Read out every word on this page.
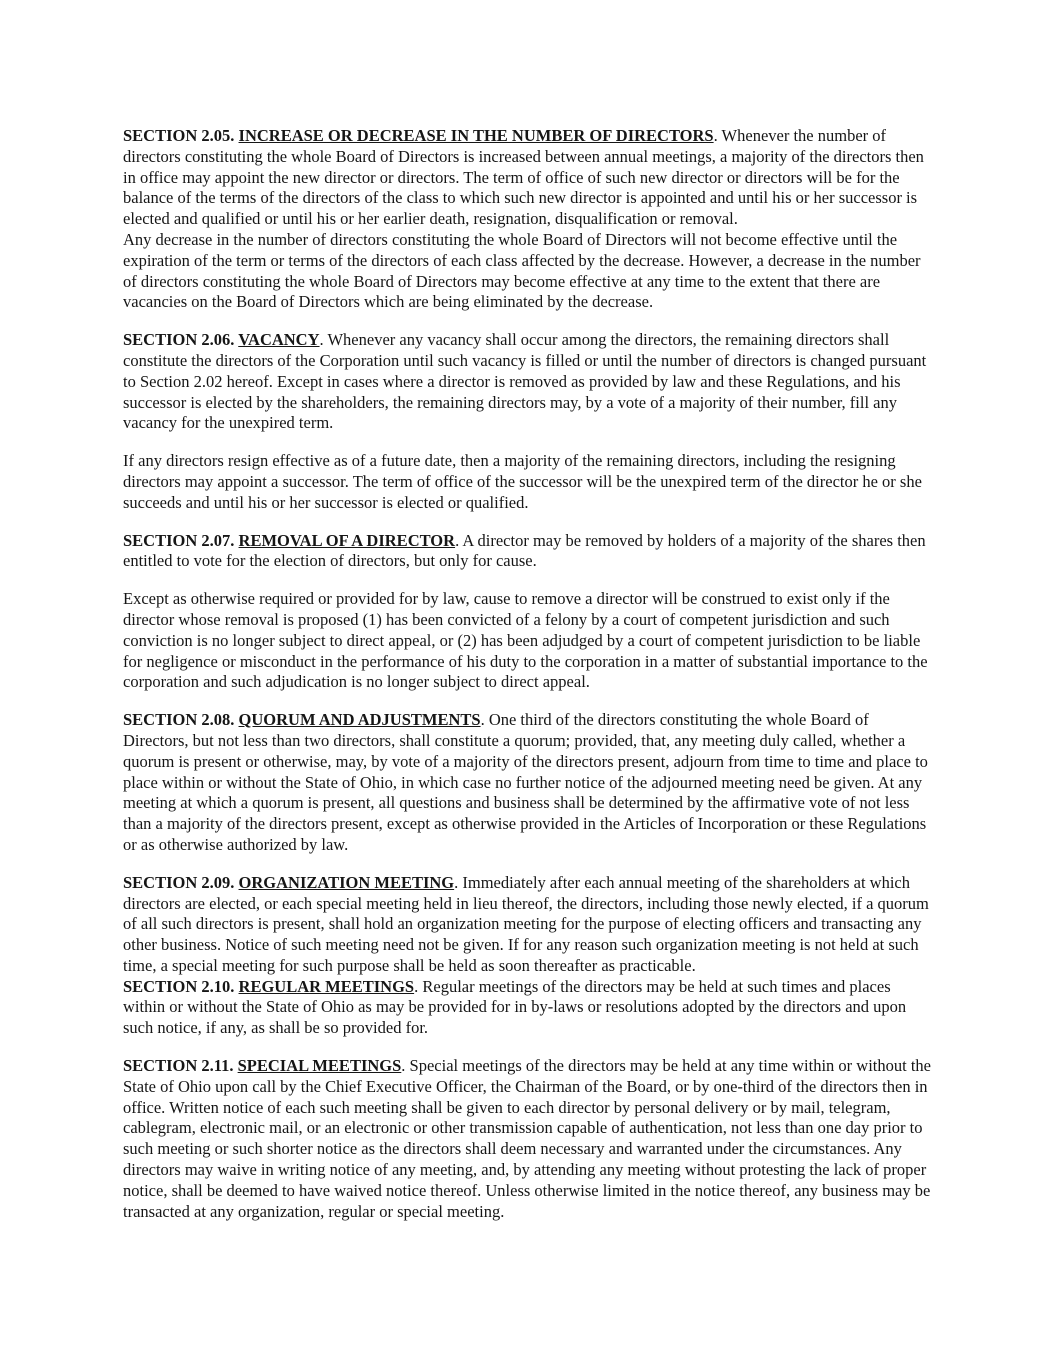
SECTION 2.05. INCREASE OR DECREASE IN THE NUMBER OF DIRECTORS. Whenever the number of directors constituting the whole Board of Directors is increased between annual meetings, a majority of the directors then in office may appoint the new director or directors. The term of office of such new director or directors will be for the balance of the terms of the directors of the class to which such new director is appointed and until his or her successor is elected and qualified or until his or her earlier death, resignation, disqualification or removal.
Any decrease in the number of directors constituting the whole Board of Directors will not become effective until the expiration of the term or terms of the directors of each class affected by the decrease. However, a decrease in the number of directors constituting the whole Board of Directors may become effective at any time to the extent that there are vacancies on the Board of Directors which are being eliminated by the decrease.

SECTION 2.06. VACANCY. Whenever any vacancy shall occur among the directors, the remaining directors shall constitute the directors of the Corporation until such vacancy is filled or until the number of directors is changed pursuant to Section 2.02 hereof. Except in cases where a director is removed as provided by law and these Regulations, and his successor is elected by the shareholders, the remaining directors may, by a vote of a majority of their number, fill any vacancy for the unexpired term.

If any directors resign effective as of a future date, then a majority of the remaining directors, including the resigning directors may appoint a successor. The term of office of the successor will be the unexpired term of the director he or she succeeds and until his or her successor is elected or qualified.

SECTION 2.07. REMOVAL OF A DIRECTOR. A director may be removed by holders of a majority of the shares then entitled to vote for the election of directors, but only for cause.

Except as otherwise required or provided for by law, cause to remove a director will be construed to exist only if the director whose removal is proposed (1) has been convicted of a felony by a court of competent jurisdiction and such conviction is no longer subject to direct appeal, or (2) has been adjudged by a court of competent jurisdiction to be liable for negligence or misconduct in the performance of his duty to the corporation in a matter of substantial importance to the corporation and such adjudication is no longer subject to direct appeal.

SECTION 2.08. QUORUM AND ADJUSTMENTS. One third of the directors constituting the whole Board of Directors, but not less than two directors, shall constitute a quorum; provided, that, any meeting duly called, whether a quorum is present or otherwise, may, by vote of a majority of the directors present, adjourn from time to time and place to place within or without the State of Ohio, in which case no further notice of the adjourned meeting need be given. At any meeting at which a quorum is present, all questions and business shall be determined by the affirmative vote of not less than a majority of the directors present, except as otherwise provided in the Articles of Incorporation or these Regulations or as otherwise authorized by law.

SECTION 2.09. ORGANIZATION MEETING. Immediately after each annual meeting of the shareholders at which directors are elected, or each special meeting held in lieu thereof, the directors, including those newly elected, if a quorum of all such directors is present, shall hold an organization meeting for the purpose of electing officers and transacting any other business. Notice of such meeting need not be given. If for any reason such organization meeting is not held at such time, a special meeting for such purpose shall be held as soon thereafter as practicable.
SECTION 2.10. REGULAR MEETINGS. Regular meetings of the directors may be held at such times and places within or without the State of Ohio as may be provided for in by-laws or resolutions adopted by the directors and upon such notice, if any, as shall be so provided for.

SECTION 2.11. SPECIAL MEETINGS. Special meetings of the directors may be held at any time within or without the State of Ohio upon call by the Chief Executive Officer, the Chairman of the Board, or by one-third of the directors then in office. Written notice of each such meeting shall be given to each director by personal delivery or by mail, telegram, cablegram, electronic mail, or an electronic or other transmission capable of authentication, not less than one day prior to such meeting or such shorter notice as the directors shall deem necessary and warranted under the circumstances. Any directors may waive in writing notice of any meeting, and, by attending any meeting without protesting the lack of proper notice, shall be deemed to have waived notice thereof. Unless otherwise limited in the notice thereof, any business may be transacted at any organization, regular or special meeting.
